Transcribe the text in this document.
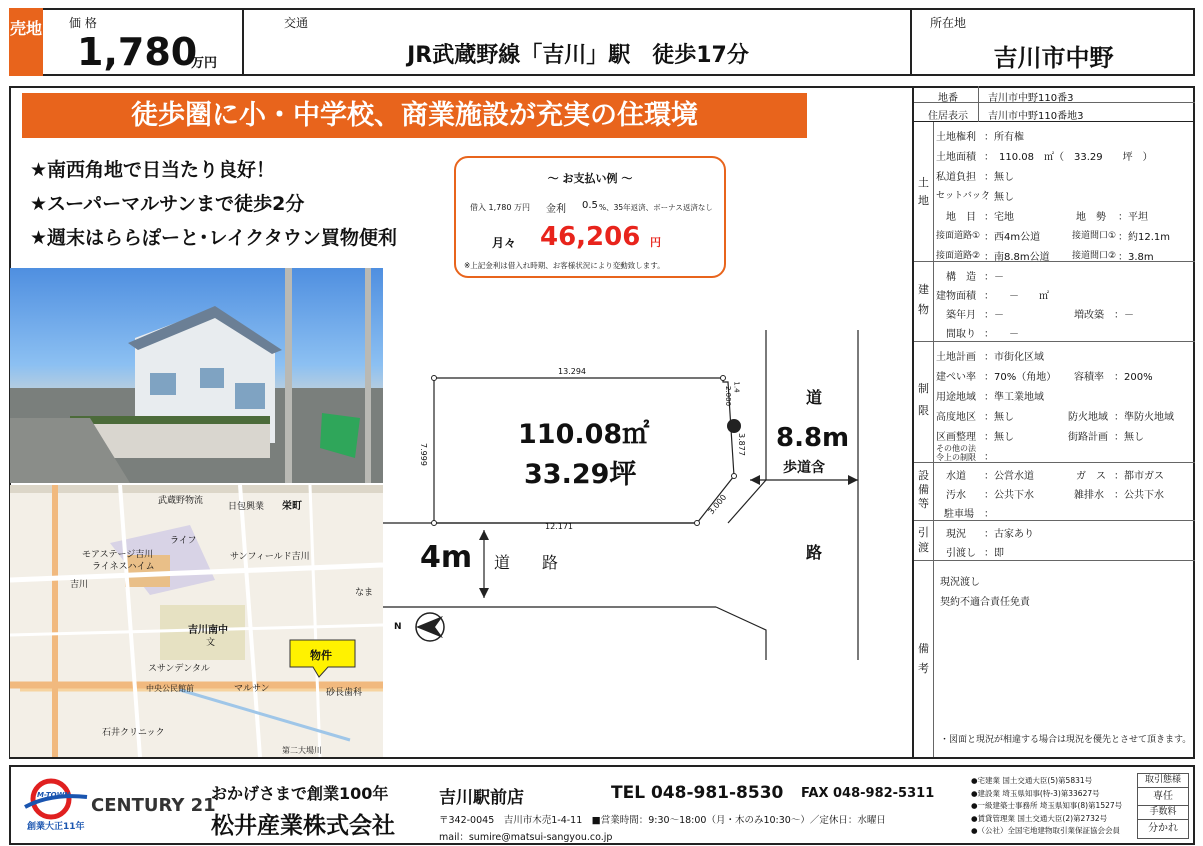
売地 価 格
1,780
万円
交通
JR武蔵野線「吉川」駅　徒歩17分
所在地
吉川市中野
徒歩圏に小・中学校、商業施設が充実の住環境
★南西角地で日当たり良好！
★スーパーマルサンまで徒歩2分
★週末はららぽーと･レイクタウン買物便利
～ お支払い例 ～
借入 1,780 万円 金利 0.5 %、35年返済、ボーナス返済なし
月々 46,206 円
※上記金利は借入れ時期、お客様状況により変動致します。
武蔵野物流
日包興業 栄町
ライフ
サンフィールド吉川
モアステージ吉川
ライネスハイム
吉川
吉川南中
文
スサンデンタル
マルサン
中央公民館前	砂長歯科
石井クリニック
第二大場川
なま
物件
13.294
12.171
7.999	3.877
3.000
1.4
2.000
110.08㎡
33.29坪
道
8.8m
歩道含
路
4m 道　　路
N
地番	吉川市中野110番3
住居表示 吉川市中野110番地3
土地
土地権利 ：所有権
土地面積 ：　110.08　㎡（　33.29　　坪　）
私道負担 ：無し
セットバック
：無し
　地　目 ：宅地	地　勢 ：平坦
接面道路① ：西4m公道	接道間口① ：約12.1m
接面道路② ：南8.8m公道 接道間口② ：3.8m
建物
　構　造 ：－
建物面積 ：　　－　　㎡
　築年月 ：－	増改築 ：－
　間取り ：　　－
制限
土地計画 ：市街化区域
建ぺい率 ：70%（角地） 容積率 ：200%
用途地域 ：準工業地域
高度地区 ：無し	防火地域 ：準防火地域
区画整理 ：無し	街路計画 ：無し
その他の法
令上の制限 ：
設備等
水道 ：公営水道	ガ　ス ：都市ガス
汚水 ：公共下水	雑排水 ：公共下水
駐車場 ：
引渡
現況 ：古家あり
引渡し ：即
備考
現況渡し
契約不適合責任免責
・図面と現況が相違する場合は現況を優先とさせて頂きます。
M-TOWN
創業大正11年
CENTURY 21
おかげさまで創業100年
松井産業株式会社
吉川駅前店	TEL 048-981-8530 FAX 048-982-5311
〒342-0045　吉川市木売1-4-11　■営業時間：9:30～18:00（月・木のみ10:30～）／定休日：水曜日
mail：sumire@matsui-sangyou.co.jp
●宅建業 国土交通大臣(5)第5831号
●建設業 埼玉県知事(特-3)第33627号
●一級建築士事務所 埼玉県知事(8)第1527号
●賃貸管理業 国土交通大臣(2)第2732号
●（公社）全国宅地建物取引業保証協会会員
取引態様
専任
手数料
分かれ
